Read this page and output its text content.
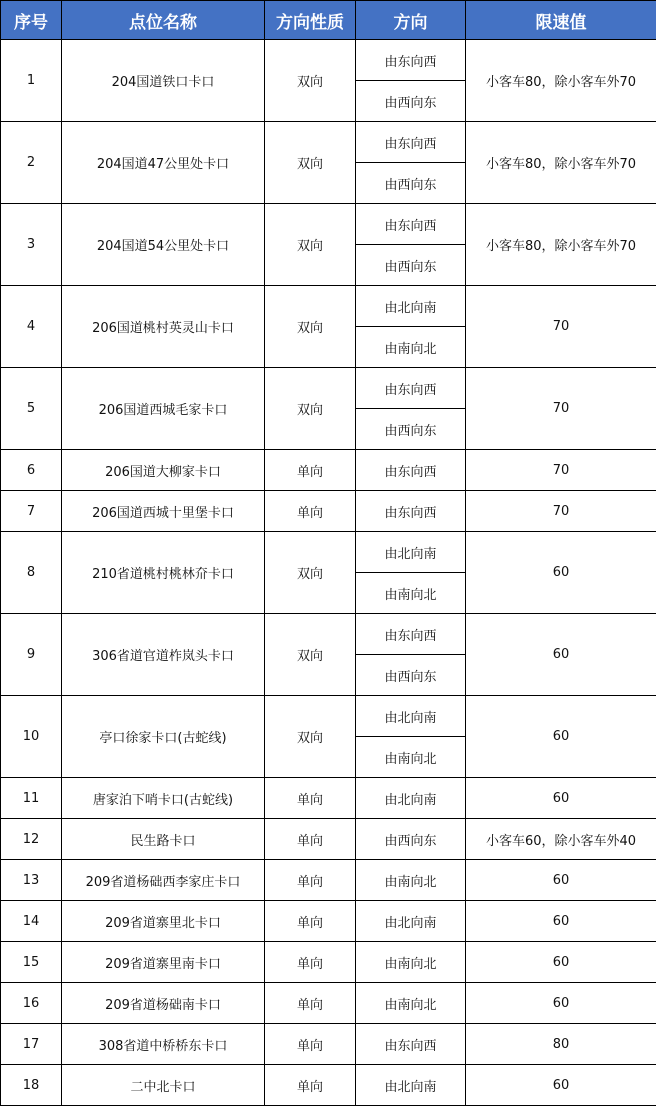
序号	点位名称	方向性质	方向	限速值
1	204国道铁口卡口	双向	由东向西	小客车80，除小客车外70
			由西向东	
2	204国道47公里处卡口	双向	由东向西	小客车80，除小客车外70
			由西向东	
3	204国道54公里处卡口	双向	由东向西	小客车80，除小客车外70
			由西向东	
4	206国道桃村英灵山卡口	双向	由北向南	70
			由南向北	
5	206国道西城毛家卡口	双向	由东向西	70
			由西向东	
6	206国道大柳家卡口	单向	由东向西	70
7	206国道西城十里堡卡口	单向	由东向西	70
8	210省道桃村桃林夼卡口	双向	由北向南	60
			由南向北	
9	306省道官道柞岚头卡口	双向	由东向西	60
			由西向东	
10	亭口徐家卡口(古蛇线)	双向	由北向南	60
			由南向北	
11	唐家泊下哨卡口(古蛇线)	单向	由北向南	60
12	民生路卡口	单向	由西向东	小客车60，除小客车外40
13	209省道杨础西李家庄卡口	单向	由南向北	60
14	209省道寨里北卡口	单向	由北向南	60
15	209省道寨里南卡口	单向	由南向北	60
16	209省道杨础南卡口	单向	由南向北	60
17	308省道中桥桥东卡口	单向	由东向西	80
18	二中北卡口	单向	由北向南	60
